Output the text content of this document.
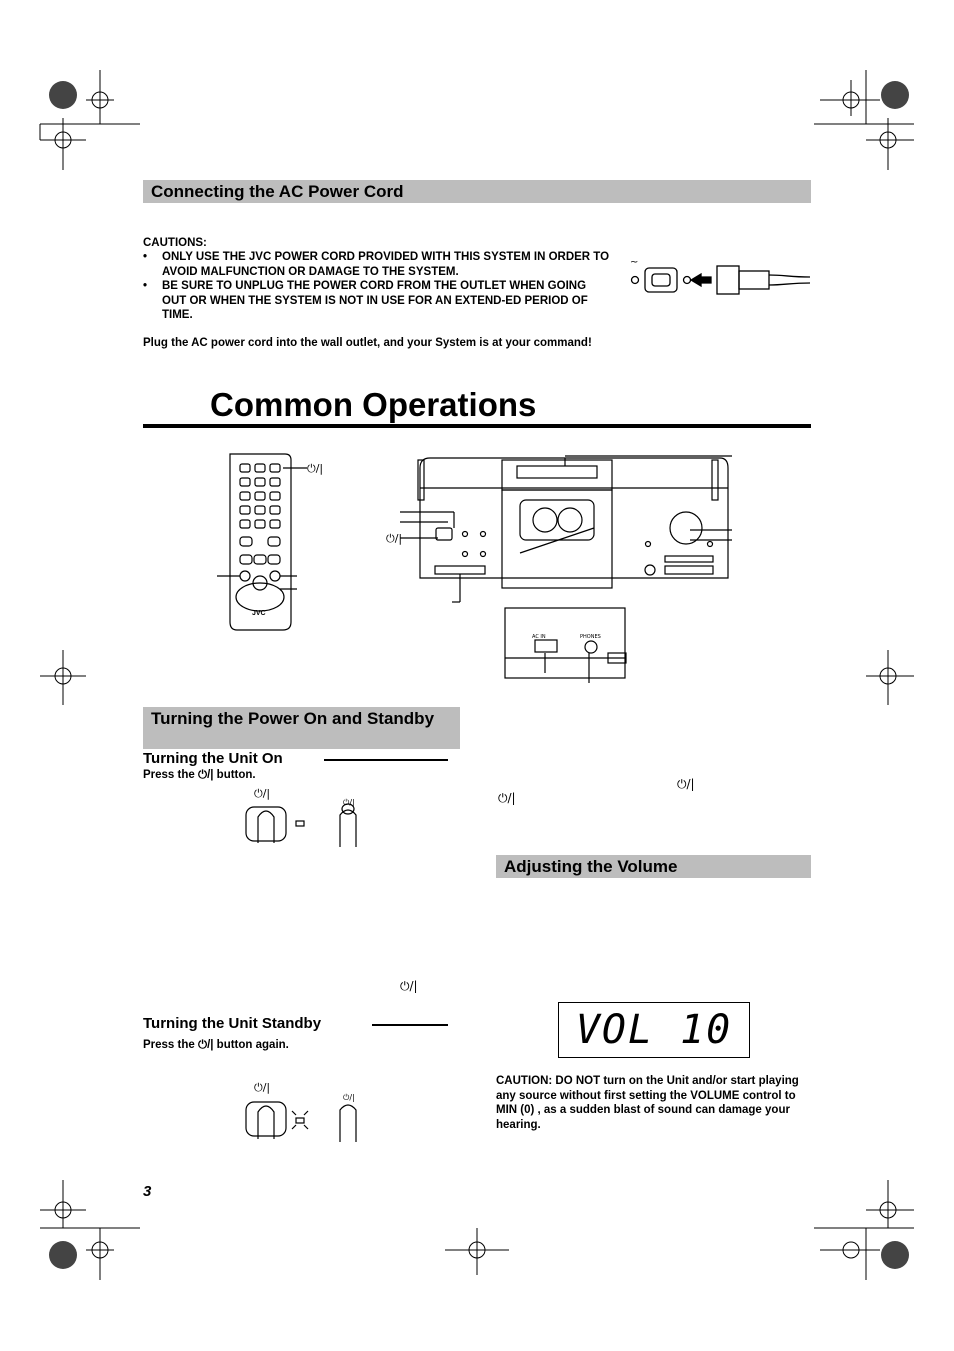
Connecting the AC Power Cord
CAUTIONS:
• ONLY USE THE JVC POWER CORD PROVIDED WITH THIS SYSTEM IN ORDER TO AVOID MALFUNCTION OR DAMAGE TO THE SYSTEM.
• BE SURE TO UNPLUG THE POWER CORD FROM THE OUTLET WHEN GOING OUT OR WHEN THE SYSTEM IS NOT IN USE FOR AN EXTEND-ED PERIOD OF TIME.
Plug the AC power cord into the wall outlet, and your System is at your command!
~
Common Operations
JVC
⏻/|
⏻/|
AC IN	PHONES
Turning the Power On and Standby
Turning the Unit On
Press the ⏻/| button.
⏻/|
⏻/|
⏻/|
Turning the Unit Standby
Press the ⏻/| button again.
⏻/|
⏻/|
⏻/|
⏻/|
Adjusting the Volume
VOL 10
CAUTION: DO NOT turn on the Unit and/or start playing any source without first setting the VOLUME control to MIN (0) , as a sudden blast of sound can damage your hearing.
3
